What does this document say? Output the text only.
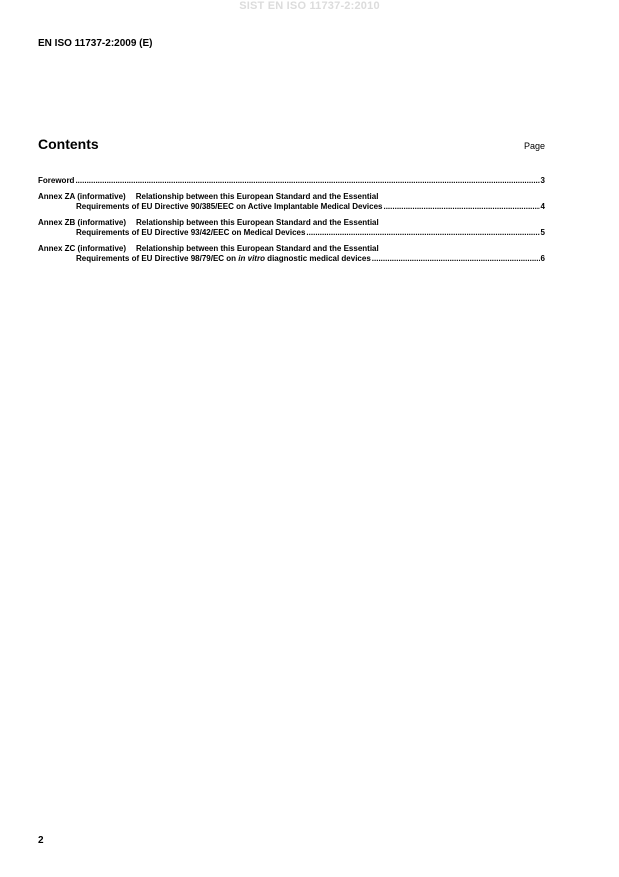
SIST EN ISO 11737-2:2010
EN ISO 11737-2:2009 (E)
Contents	Page
Foreword .....	3
Annex ZA (informative) Relationship between this European Standard and the Essential
Requirements of EU Directive 90/385/EEC on Active Implantable Medical Devices .....	4
Annex ZB (informative) Relationship between this European Standard and the Essential
Requirements of EU Directive 93/42/EEC on Medical Devices .....	5
Annex ZC (informative) Relationship between this European Standard and the Essential
Requirements of EU Directive 98/79/EC on in vitro diagnostic medical devices .....	6
2
